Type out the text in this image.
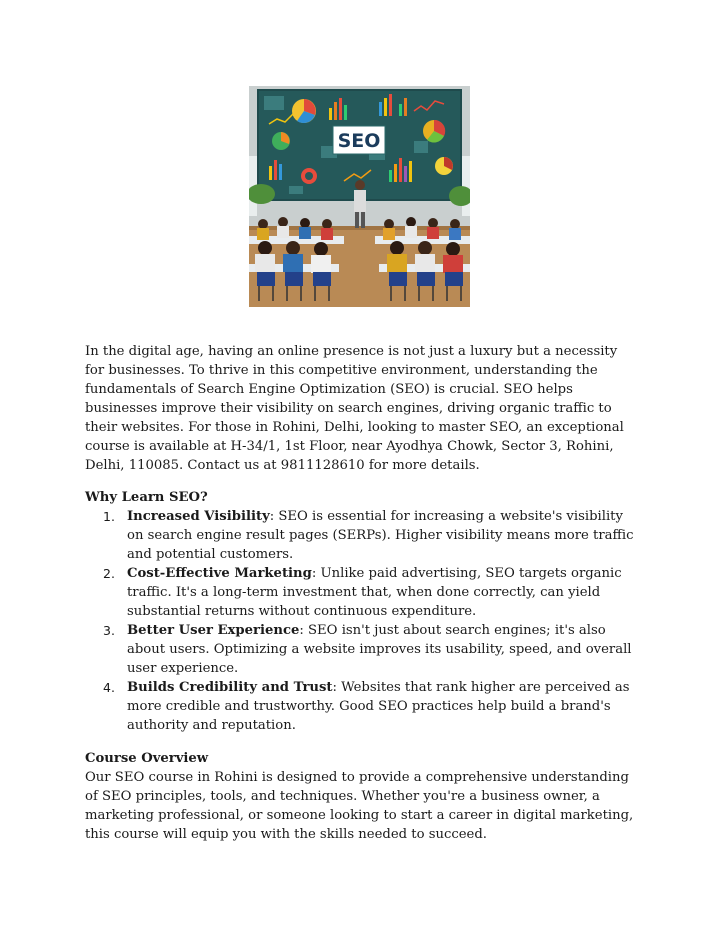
SEO

In the digital age, having an online presence is not just a luxury but a necessity for businesses. To thrive in this competitive environment, understanding the fundamentals of Search Engine Optimization (SEO) is crucial. SEO helps businesses improve their visibility on search engines, driving organic traffic to their websites. For those in Rohini, Delhi, looking to master SEO, an exceptional course is available at H-34/1, 1st Floor, near Ayodhya Chowk, Sector 3, Rohini, Delhi, 110085. Contact us at 9811128610 for more details.

Why Learn SEO?

1. Increased Visibility: SEO is essential for increasing a website's visibility on search engine result pages (SERPs). Higher visibility means more traffic and potential customers.
2. Cost-Effective Marketing: Unlike paid advertising, SEO targets organic traffic. It's a long-term investment that, when done correctly, can yield substantial returns without continuous expenditure.
3. Better User Experience: SEO isn't just about search engines; it's also about users. Optimizing a website improves its usability, speed, and overall user experience.
4. Builds Credibility and Trust: Websites that rank higher are perceived as more credible and trustworthy. Good SEO practices help build a brand's authority and reputation.

Course Overview

Our SEO course in Rohini is designed to provide a comprehensive understanding of SEO principles, tools, and techniques. Whether you're a business owner, a marketing professional, or someone looking to start a career in digital marketing, this course will equip you with the skills needed to succeed.
